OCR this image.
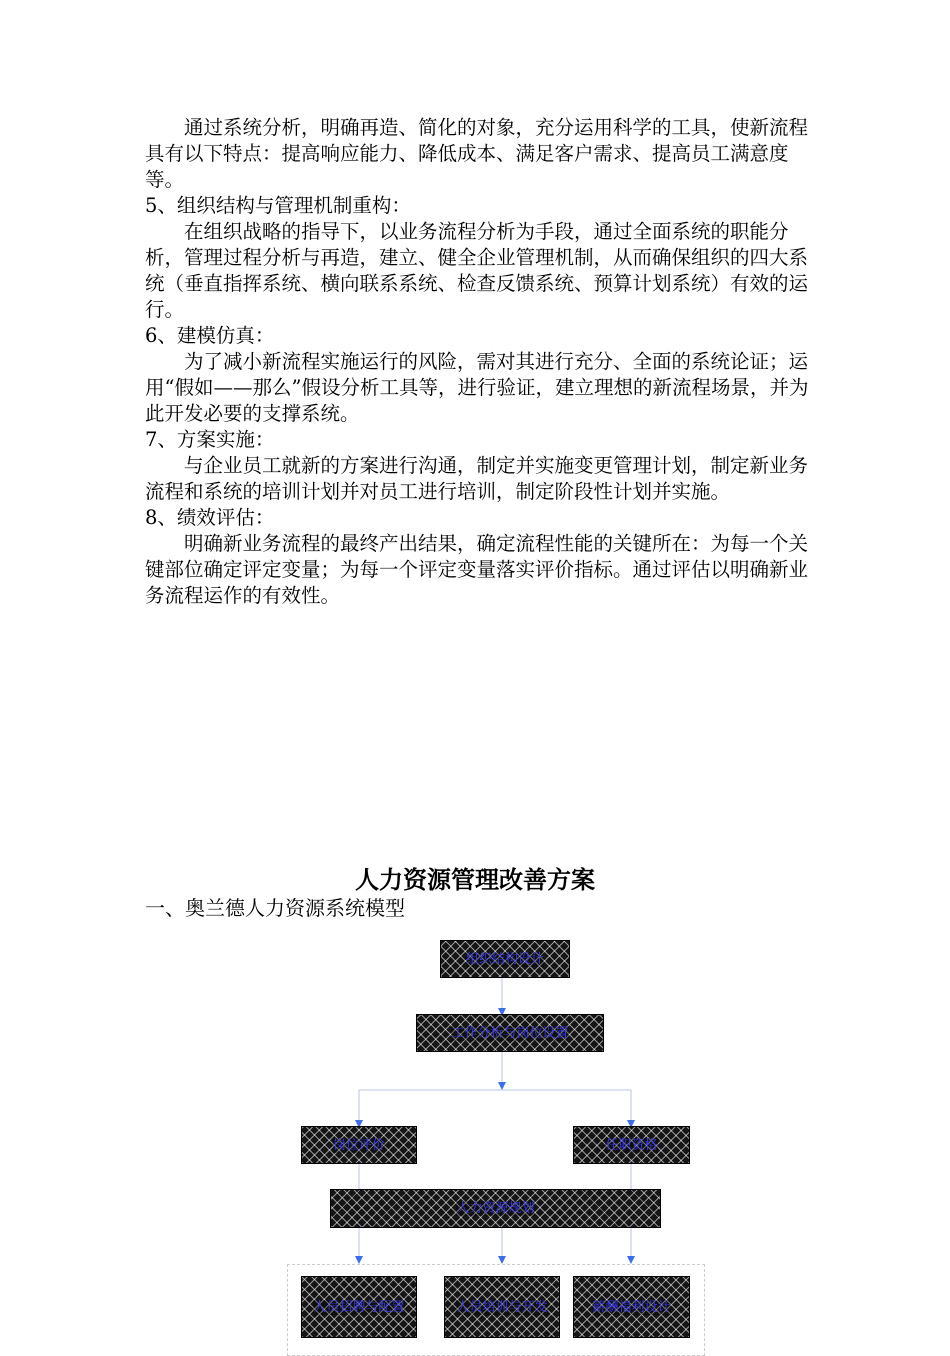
通过系统分析，明确再造、简化的对象，充分运用科学的工具，使新流程具有以下特点：提高响应能力、降低成本、满足客户需求、提高员工满意度等。

5、组织结构与管理机制重构：

在组织战略的指导下，以业务流程分析为手段，通过全面系统的职能分析，管理过程分析与再造，建立、健全企业管理机制，从而确保组织的四大系统（垂直指挥系统、横向联系系统、检查反馈系统、预算计划系统）有效的运行。

6、建模仿真：

为了减小新流程实施运行的风险，需对其进行充分、全面的系统论证；运用“假如——那么”假设分析工具等，进行验证，建立理想的新流程场景，并为此开发必要的支撑系统。

7、方案实施：

与企业员工就新的方案进行沟通，制定并实施变更管理计划，制定新业务流程和系统的培训计划并对员工进行培训，制定阶段性计划并实施。

8、绩效评估：

明确新业务流程的最终产出结果，确定流程性能的关键所在：为每一个关键部位确定评定变量；为每一个评定变量落实评价指标。通过评估以明确新业务流程运作的有效性。

人力资源管理改善方案
一、奥兰德人力资源系统模型
组织结构设计
工作分析与岗位设置
岗位评价	任职资格
人力资源规划
人员招聘与配置	人员培训与开发	薪酬福利设计
